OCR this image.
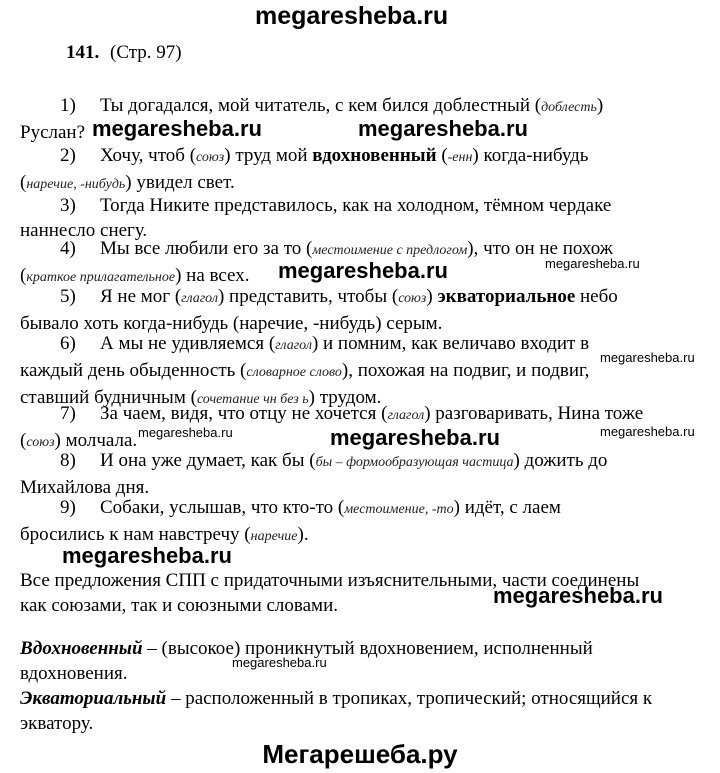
megaresheba.ru
141. (Стр. 97)
1) Ты догадался, мой читатель, с кем бился доблестный (доблесть)
Руслан? megaresheba.ru	megaresheba.ru
2) Хочу, чтоб (союз) труд мой вдохновенный (-енн) когда-нибудь
(наречие, -нибудь) увидел свет.
3) Тогда Никите представилось, как на холодном, тёмном чердаке
наннесло снегу.
4) Мы все любили его за то (местоимение с предлогом), что он не похож
(краткое прилагательное) на всех.	megaresheba.ru	megaresheba.ru
5) Я не мог (глагол) представить, чтобы (союз) экваториальное небо
бывало хоть когда-нибудь (наречие, -нибудь) серым.
6) А мы не удивляемся (глагол) и помним, как величаво входит в
каждый день обыденность (словарное слово), похожая на подвиг, и подвиг,
ставший будничным (сочетание чн без ь) трудом.
megaresheba.ru
7) За чаем, видя, что отцу не хочется (глагол) разговаривать, Нина тоже
(союз) молчала. megaresheba.ru	megaresheba.ru	megaresheba.ru
8) И она уже думает, как бы (бы – формообразующая частица) дожить до
Михайлова дня.
9) Собаки, услышав, что кто-то (местоимение, -то) идёт, с лаем
бросились к нам навстречу (наречие).
megaresheba.ru
Все предложения СПП с придаточными изъяснительными, части соединены
как союзами, так и союзными словами.	megaresheba.ru
Вдохновенный – (высокое) проникнутый вдохновением, исполненный
вдохновения.
megaresheba.ru
Экваториальный – расположенный в тропиках, тропический; относящийся к
экватору.
Мегарешеба.ру
